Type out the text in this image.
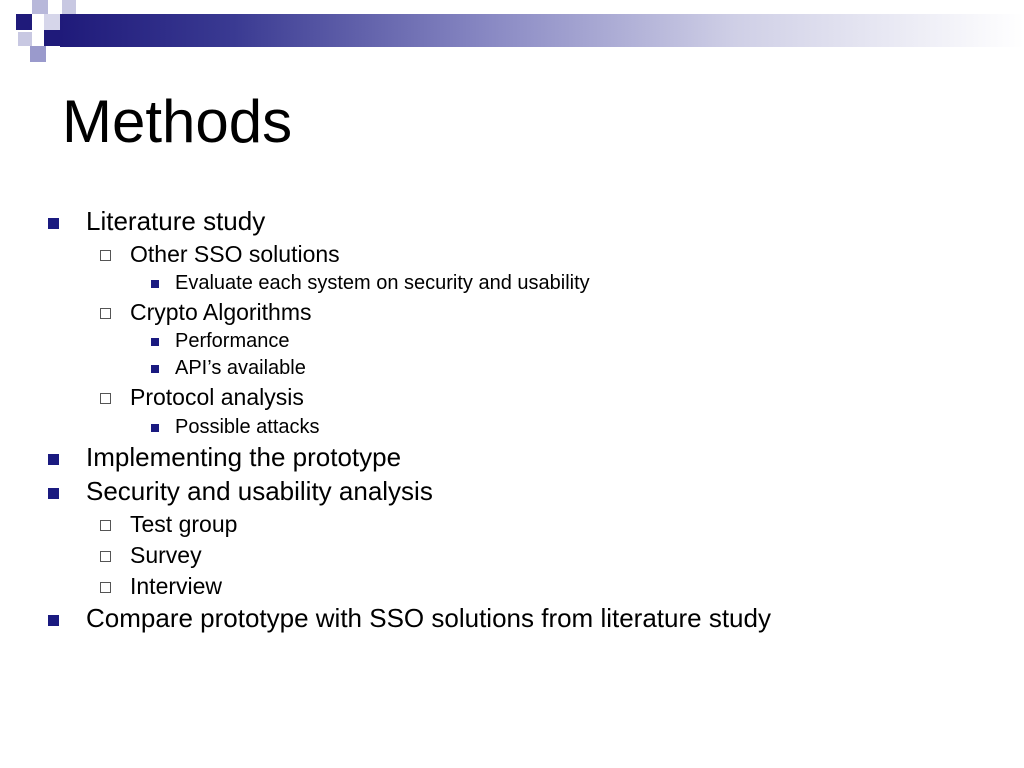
Methods
Literature study
Other SSO solutions
Evaluate each system on security and usability
Crypto Algorithms
Performance
API’s available
Protocol analysis
Possible attacks
Implementing the prototype
Security and usability analysis
Test group
Survey
Interview
Compare prototype with SSO solutions from literature study
